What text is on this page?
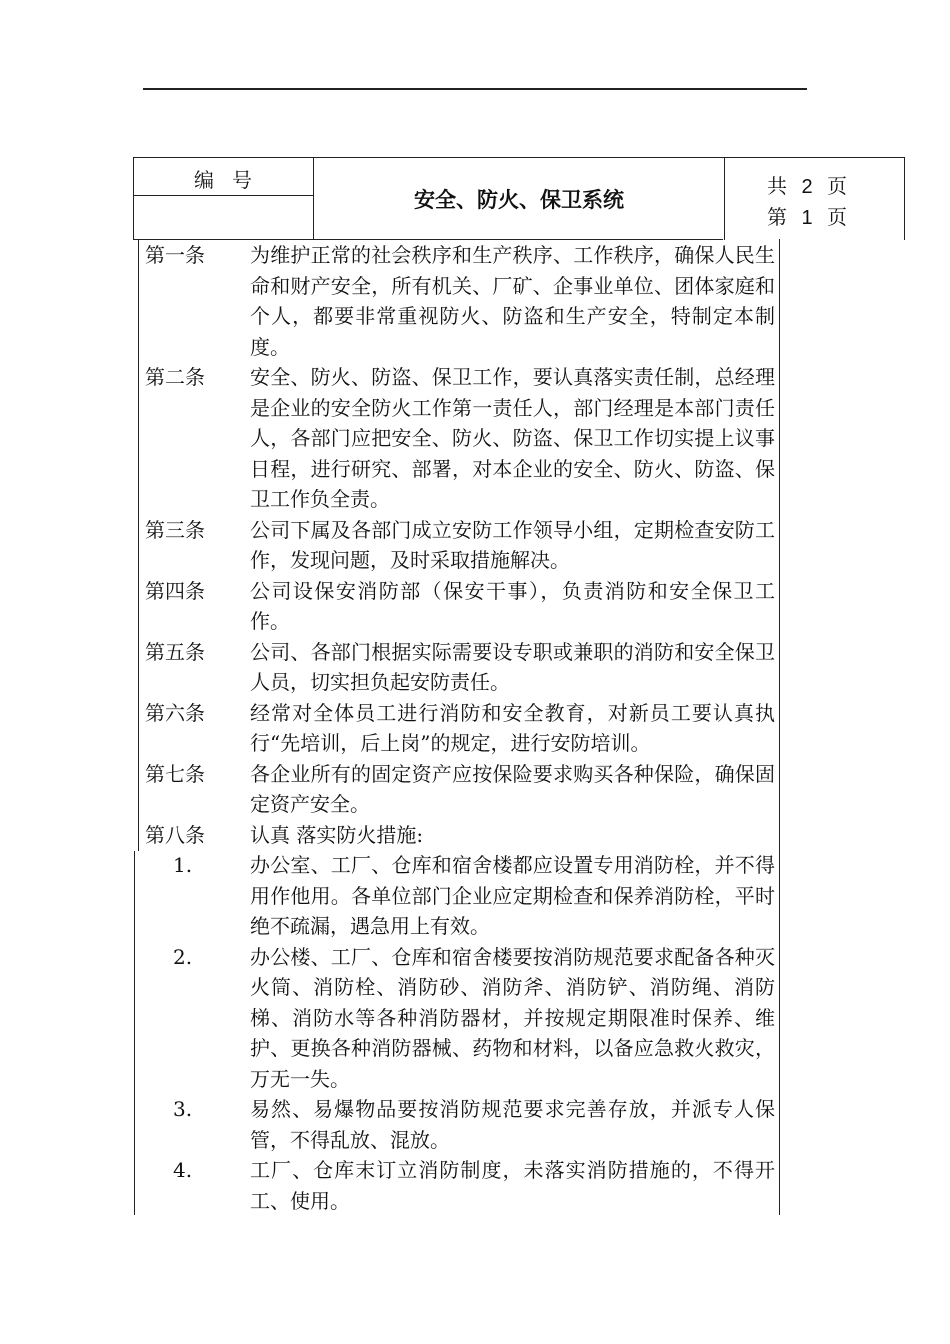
编号
安全、防火、保卫系统
共 2 页
第 1 页
第一条	为维护正常的社会秩序和生产秩序、工作秩序，确保人民生命和财产安全，所有机关、厂矿、企事业单位、团体家庭和个人，都要非常重视防火、防盗和生产安全，特制定本制度。
第二条	安全、防火、防盗、保卫工作，要认真落实责任制，总经理是企业的安全防火工作第一责任人，部门经理是本部门责任人，各部门应把安全、防火、防盗、保卫工作切实提上议事日程，进行研究、部署，对本企业的安全、防火、防盗、保卫工作负全责。
第三条	公司下属及各部门成立安防工作领导小组，定期检查安防工作，发现问题，及时采取措施解决。
第四条	公司设保安消防部（保安干事），负责消防和安全保卫工作。
第五条	公司、各部门根据实际需要设专职或兼职的消防和安全保卫人员，切实担负起安防责任。
第六条	经常对全体员工进行消防和安全教育，对新员工要认真执行“先培训，后上岗”的规定，进行安防培训。
第七条	各企业所有的固定资产应按保险要求购买各种保险，确保固定资产安全。
第八条	认真 落实防火措施:
1.	办公室、工厂、仓库和宿舍楼都应设置专用消防栓，并不得用作他用。各单位部门企业应定期检查和保养消防栓，平时绝不疏漏，遇急用上有效。
2.	办公楼、工厂、仓库和宿舍楼要按消防规范要求配备各种灭火筒、消防栓、消防砂、消防斧、消防铲、消防绳、消防梯、消防水等各种消防器材，并按规定期限准时保养、维护、更换各种消防器械、药物和材料，以备应急救火救灾，万无一失。
3.	易然、易爆物品要按消防规范要求完善存放，并派专人保管，不得乱放、混放。
4.	工厂、仓库末订立消防制度，未落实消防措施的，不得开工、使用。
